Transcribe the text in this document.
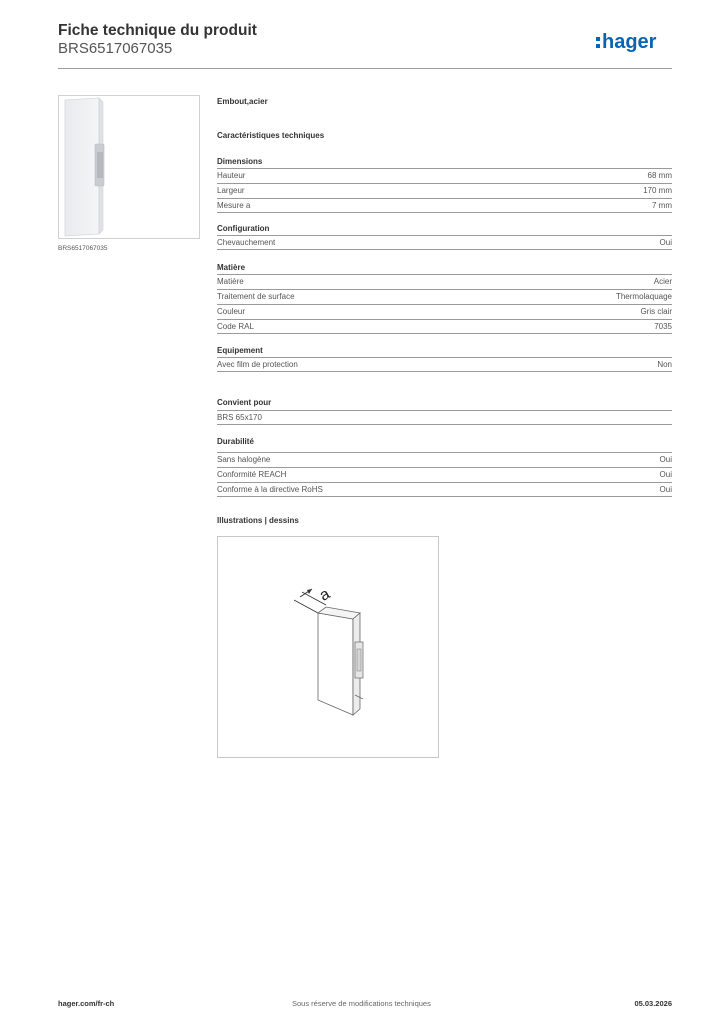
Fiche technique du produit
BRS6517067035	hager
BRS6517067035
Embout,acier
Caractéristiques techniques
Dimensions
Hauteur	68 mm
Largeur	170 mm
Mesure a	7 mm
Configuration
Chevauchement	Oui
Matière
Matière	Acier
Traitement de surface	Thermolaquage
Couleur	Gris clair
Code RAL	7035
Equipement
Avec film de protection	Non
Convient pour
BRS 65x170
Durabilité
Sans halogène	Oui
Conformité REACH	Oui
Conforme à la directive RoHS	Oui
Illustrations | dessins
a
hager.com/fr-ch	Sous réserve de modifications techniques	05.03.2026
